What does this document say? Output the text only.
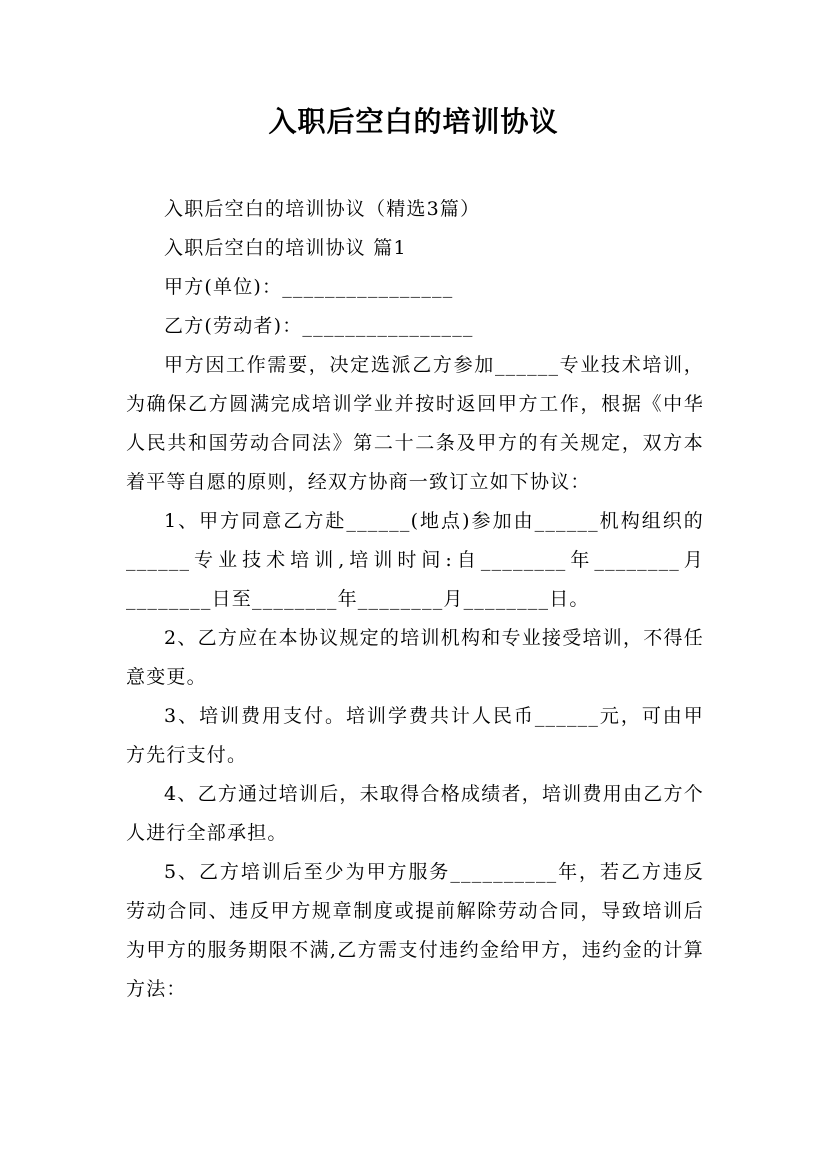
入职后空白的培训协议

入职后空白的培训协议（精选3篇）

入职后空白的培训协议 篇1

甲方(单位)：________________

乙方(劳动者)：________________

甲方因工作需要，决定选派乙方参加______专业技术培训，为确保乙方圆满完成培训学业并按时返回甲方工作，根据《中华人民共和国劳动合同法》第二十二条及甲方的有关规定，双方本着平等自愿的原则，经双方协商一致订立如下协议：

1、甲方同意乙方赴______(地点)参加由______机构组织的______专业技术培训,培训时间:自________年________月________日至________年________月________日。

2、乙方应在本协议规定的培训机构和专业接受培训，不得任意变更。

3、培训费用支付。培训学费共计人民币______元，可由甲方先行支付。

4、乙方通过培训后，未取得合格成绩者，培训费用由乙方个人进行全部承担。

5、乙方培训后至少为甲方服务__________年，若乙方违反劳动合同、违反甲方规章制度或提前解除劳动合同，导致培训后为甲方的服务期限不满,乙方需支付违约金给甲方，违约金的计算方法：
